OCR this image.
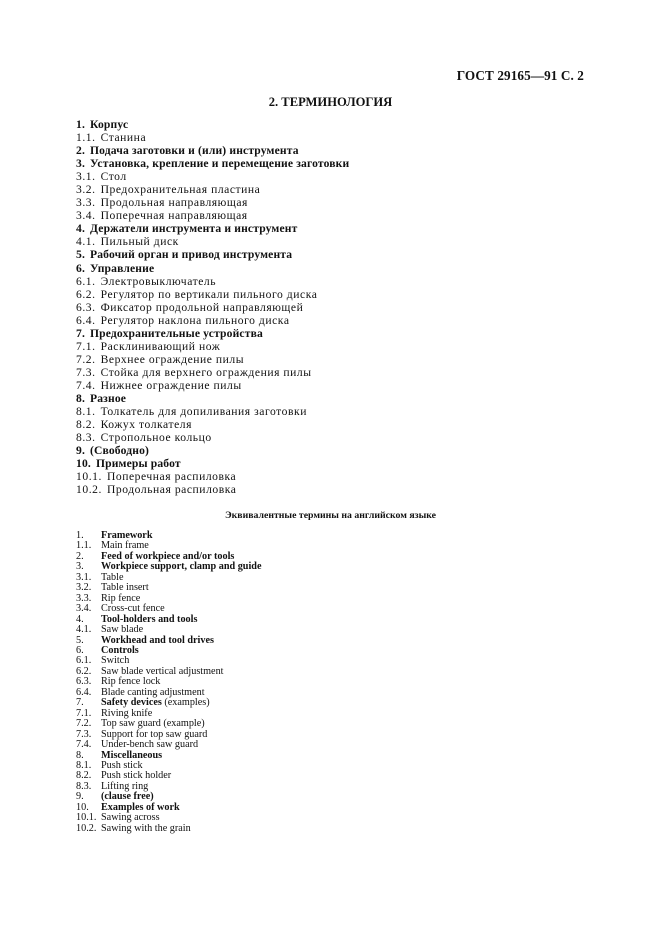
ГОСТ 29165—91 С. 2
2. ТЕРМИНОЛОГИЯ
1. Корпус
1.1. Станина
2. Подача заготовки и (или) инструмента
3. Установка, крепление и перемещение заготовки
3.1. Стол
3.2. Предохранительная пластина
3.3. Продольная направляющая
3.4. Поперечная направляющая
4. Держатели инструмента и инструмент
4.1. Пильный диск
5. Рабочий орган и привод инструмента
6. Управление
6.1. Электровыключатель
6.2. Регулятор по вертикали пильного диска
6.3. Фиксатор продольной направляющей
6.4. Регулятор наклона пильного диска
7. Предохранительные устройства
7.1. Расклинивающий нож
7.2. Верхнее ограждение пилы
7.3. Стойка для верхнего ограждения пилы
7.4. Нижнее ограждение пилы
8. Разное
8.1. Толкатель для допиливания заготовки
8.2. Кожух толкателя
8.3. Стропольное кольцо
9. (Свободно)
10. Примеры работ
10.1. Поперечная распиловка
10.2. Продольная распиловка
Эквивалентные термины на английском языке
1. Framework
1.1. Main frame
2. Feed of workpiece and/or tools
3. Workpiece support, clamp and guide
3.1. Table
3.2. Table insert
3.3. Rip fence
3.4. Cross-cut fence
4. Tool-holders and tools
4.1. Saw blade
5. Workhead and tool drives
6. Controls
6.1. Switch
6.2. Saw blade vertical adjustment
6.3. Rip fence lock
6.4. Blade canting adjustment
7. Safety devices (examples)
7.1. Riving knife
7.2. Top saw guard (example)
7.3. Support for top saw guard
7.4. Under-bench saw guard
8. Miscellaneous
8.1. Push stick
8.2. Push stick holder
8.3. Lifting ring
9. (clause free)
10. Examples of work
10.1. Sawing across
10.2. Sawing with the grain
